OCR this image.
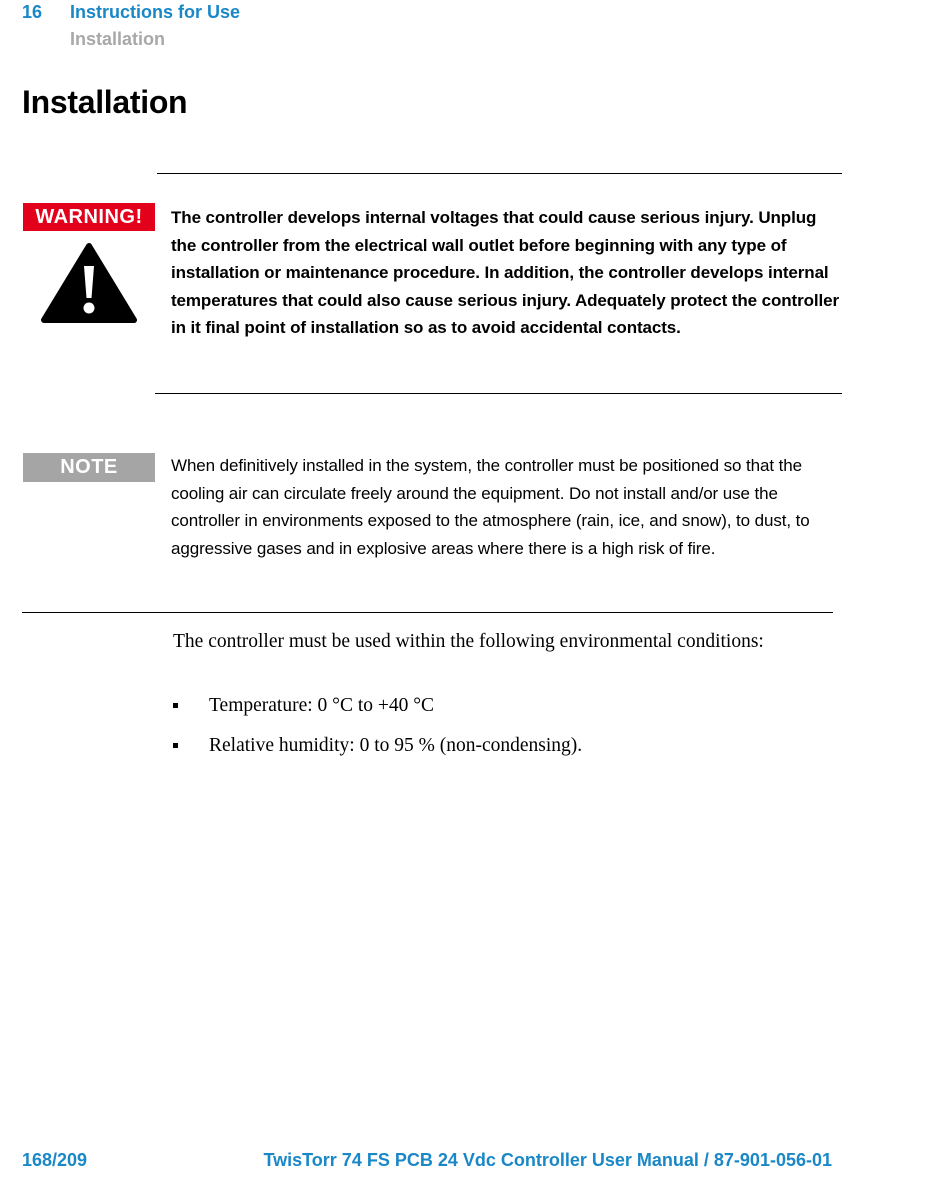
16 Instructions for Use
Installation
Installation
WARNING!	The controller develops internal voltages that could cause serious injury. Unplug the controller from the electrical wall outlet before beginning with any type of installation or maintenance procedure. In addition, the controller develops internal temperatures that could also cause serious injury. Adequately protect the controller in it final point of installation so as to avoid accidental contacts.

NOTE	When definitively installed in the system, the controller must be positioned so that the cooling air can circulate freely around the equipment. Do not install and/or use the controller in environments exposed to the atmosphere (rain, ice, and snow), to dust, to aggressive gases and in explosive areas where there is a high risk of fire.

The controller must be used within the following environmental conditions:

Temperature: 0 °C to +40 °C
Relative humidity: 0 to 95 % (non-condensing).
168/209	TwisTorr 74 FS PCB 24 Vdc Controller User Manual / 87-901-056-01
